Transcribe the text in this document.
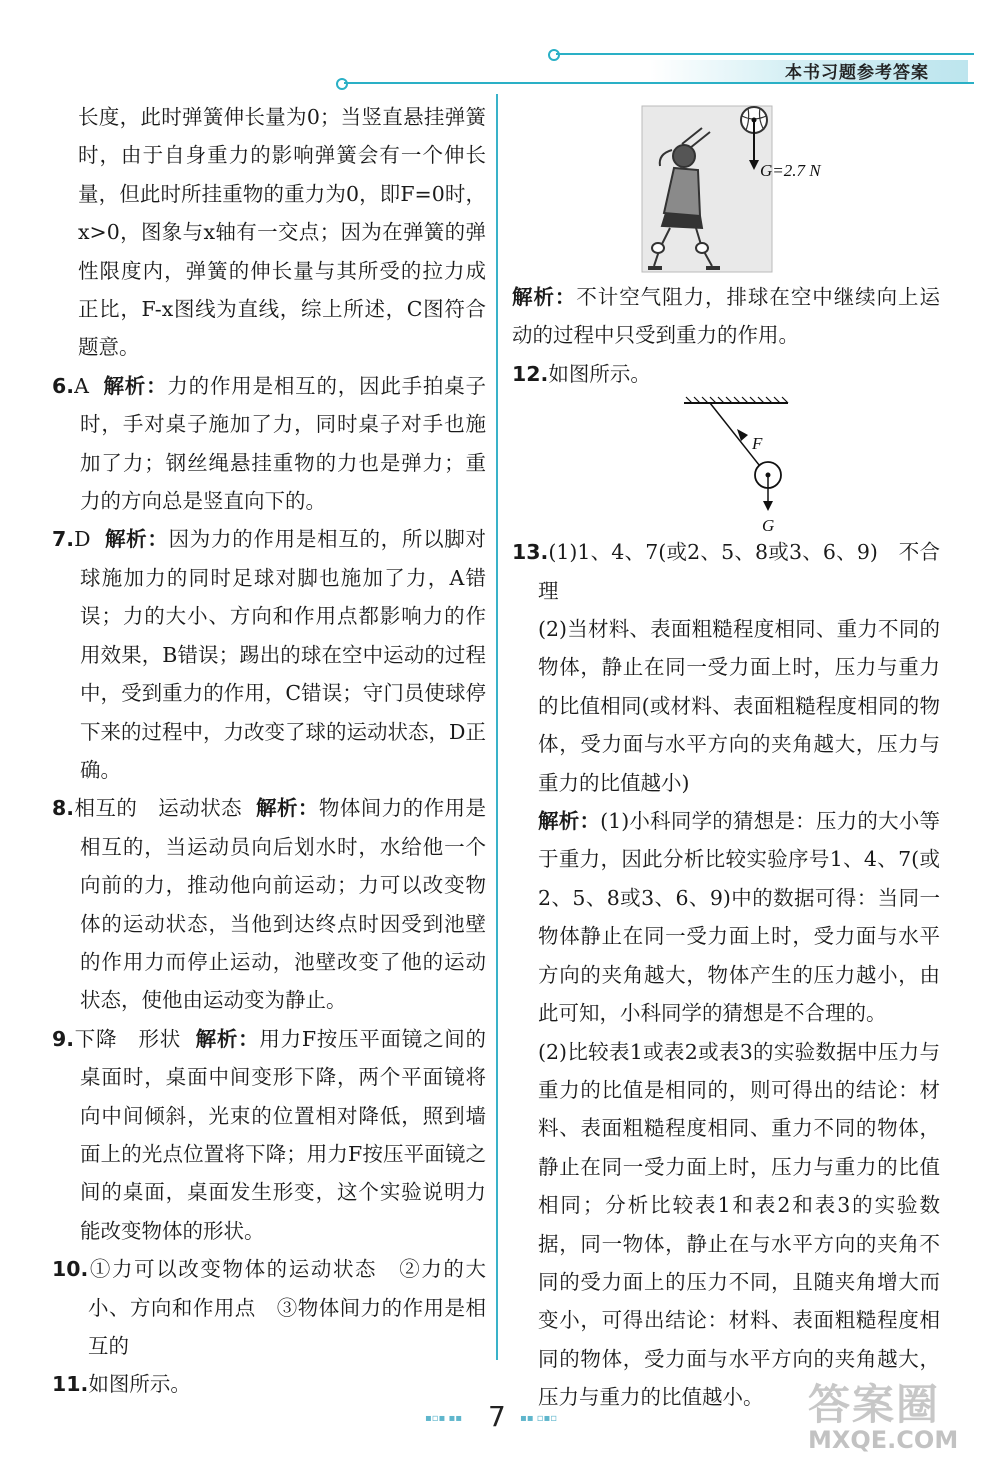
本书习题参考答案

长度，此时弹簧伸长量为0；当竖直悬挂弹簧时，由于自身重力的影响弹簧会有一个伸长量，但此时所挂重物的重力为0，即F=0时，x>0，图象与x轴有一交点；因为在弹簧的弹性限度内，弹簧的伸长量与其所受的拉力成正比，F-x图线为直线，综上所述，C图符合题意。

6.A 解析：力的作用是相互的，因此手拍桌子时，手对桌子施加了力，同时桌子对手也施加了力；钢丝绳悬挂重物的力也是弹力；重力的方向总是竖直向下的。

7.D 解析：因为力的作用是相互的，所以脚对球施加力的同时足球对脚也施加了力，A错误；力的大小、方向和作用点都影响力的作用效果，B错误；踢出的球在空中运动的过程中，受到重力的作用，C错误；守门员使球停下来的过程中，力改变了球的运动状态，D正确。

8.相互的　运动状态 解析：物体间力的作用是相互的，当运动员向后划水时，水给他一个向前的力，推动他向前运动；力可以改变物体的运动状态，当他到达终点时因受到池壁的作用力而停止运动，池壁改变了他的运动状态，使他由运动变为静止。

9.下降　形状 解析：用力F按压平面镜之间的桌面时，桌面中间变形下降，两个平面镜将向中间倾斜，光束的位置相对降低，照到墙面上的光点位置将下降；用力F按压平面镜之间的桌面，桌面发生形变，这个实验说明力能改变物体的形状。

10.①力可以改变物体的运动状态　②力的大小、方向和作用点　③物体间力的作用是相互的

11.如图所示。

G=2.7 N

解析：不计空气阻力，排球在空中继续向上运动的过程中只受到重力的作用。

12.如图所示。

F
G

13.(1)1、4、7(或2、5、8或3、6、9)　不合理

(2)当材料、表面粗糙程度相同、重力不同的物体，静止在同一受力面上时，压力与重力的比值相同(或材料、表面粗糙程度相同的物体，受力面与水平方向的夹角越大，压力与重力的比值越小)

解析：(1)小科同学的猜想是：压力的大小等于重力，因此分析比较实验序号1、4、7(或2、5、8或3、6、9)中的数据可得：当同一物体静止在同一受力面上时，受力面与水平方向的夹角越大，物体产生的压力越小，由此可知，小科同学的猜想是不合理的。

(2)比较表1或表2或表3的实验数据中压力与重力的比值是相同的，则可得出的结论：材料、表面粗糙程度相同、重力不同的物体，静止在同一受力面上时，压力与重力的比值相同；分析比较表1和表2和表3的实验数据，同一物体，静止在与水平方向的夹角不同的受力面上的压力不同，且随夹角增大而变小，可得出结论：材料、表面粗糙程度相同的物体，受力面与水平方向的夹角越大，压力与重力的比值越小。

▪▫▪ ▪▪ 7 ▪▪ ▫▪▫	答案圈
MXQE.COM
